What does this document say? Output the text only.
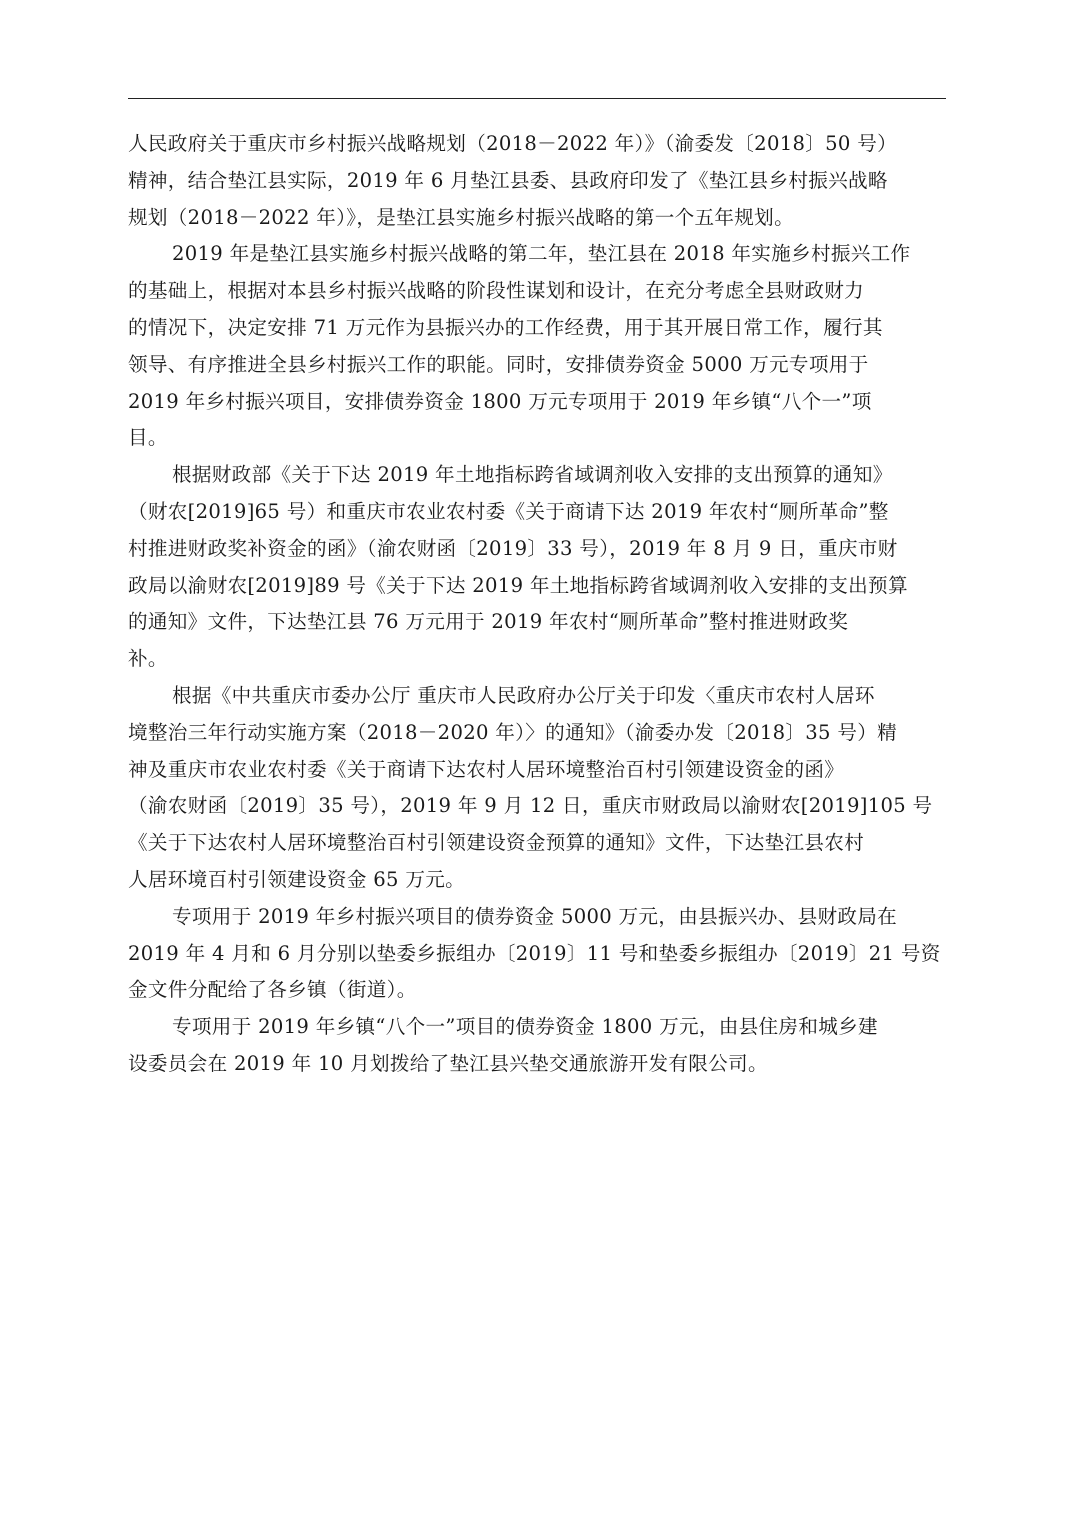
人民政府关于重庆市乡村振兴战略规划（2018－2022 年）》（渝委发〔2018〕50 号）
精神，结合垫江县实际，2019 年 6 月垫江县委、县政府印发了《垫江县乡村振兴战略
规划（2018－2022 年）》，是垫江县实施乡村振兴战略的第一个五年规划。

2019 年是垫江县实施乡村振兴战略的第二年，垫江县在 2018 年实施乡村振兴工作
的基础上，根据对本县乡村振兴战略的阶段性谋划和设计，在充分考虑全县财政财力
的情况下，决定安排 71 万元作为县振兴办的工作经费，用于其开展日常工作，履行其
领导、有序推进全县乡村振兴工作的职能。同时，安排债券资金 5000 万元专项用于
2019 年乡村振兴项目，安排债券资金 1800 万元专项用于 2019 年乡镇“八个一”项
目。

根据财政部《关于下达 2019 年土地指标跨省域调剂收入安排的支出预算的通知》
（财农[2019]65 号）和重庆市农业农村委《关于商请下达 2019 年农村“厕所革命”整
村推进财政奖补资金的函》（渝农财函〔2019〕33 号），2019 年 8 月 9 日，重庆市财
政局以渝财农[2019]89 号《关于下达 2019 年土地指标跨省域调剂收入安排的支出预算
的通知》文件，下达垫江县 76 万元用于 2019 年农村“厕所革命”整村推进财政奖
补。

根据《中共重庆市委办公厅 重庆市人民政府办公厅关于印发〈重庆市农村人居环
境整治三年行动实施方案（2018－2020 年）〉的通知》（渝委办发〔2018〕35 号）精
神及重庆市农业农村委《关于商请下达农村人居环境整治百村引领建设资金的函》
（渝农财函〔2019〕35 号），2019 年 9 月 12 日，重庆市财政局以渝财农[2019]105 号
《关于下达农村人居环境整治百村引领建设资金预算的通知》文件，下达垫江县农村
人居环境百村引领建设资金 65 万元。

专项用于 2019 年乡村振兴项目的债券资金 5000 万元，由县振兴办、县财政局在
2019 年 4 月和 6 月分别以垫委乡振组办〔2019〕11 号和垫委乡振组办〔2019〕21 号资
金文件分配给了各乡镇（街道）。

专项用于 2019 年乡镇“八个一”项目的债券资金 1800 万元，由县住房和城乡建
设委员会在 2019 年 10 月划拨给了垫江县兴垫交通旅游开发有限公司。
